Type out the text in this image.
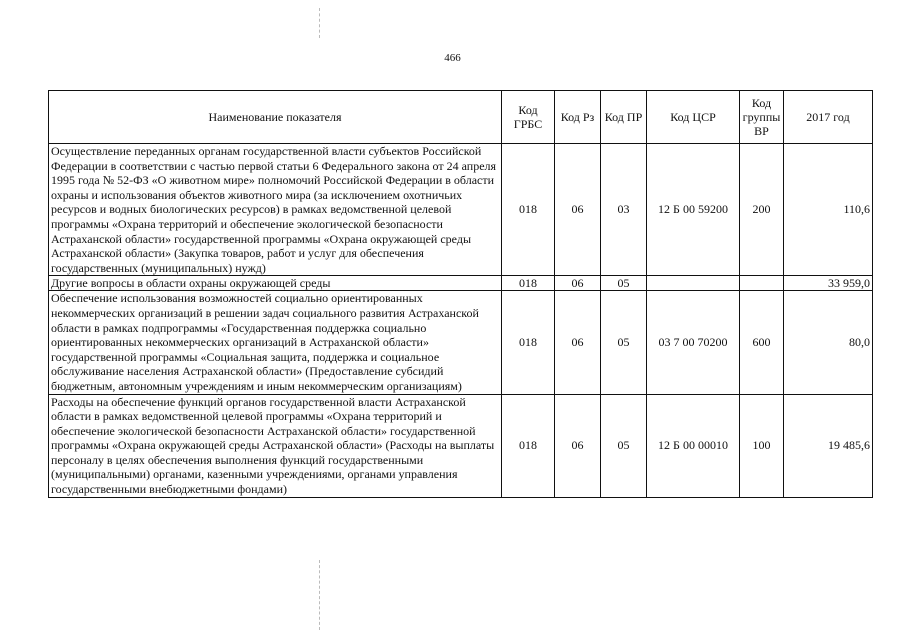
466
Наименование показателя	Код ГРБС	Код Рз	Код ПР	Код ЦСР	Код группы ВР	2017 год
Осуществление переданных органам государственной власти субъектов Российской Федерации в соответствии с частью первой статьи 6 Федерального закона от 24 апреля 1995 года № 52-ФЗ «О животном мире» полномочий Российской Федерации в области охраны и использования объектов животного мира (за исключением охотничьих ресурсов и водных биологических ресурсов) в рамках ведомственной целевой программы «Охрана территорий и обеспечение экологической безопасности Астраханской области» государственной программы «Охрана окружающей среды Астраханской области» (Закупка товаров, работ и услуг для обеспечения государственных (муниципальных) нужд)	018	06	03	12 Б 00 59200	200	110,6
Другие вопросы в области охраны окружающей среды	018	06	05			33 959,0
Обеспечение использования возможностей социально ориентированных некоммерческих организаций в решении задач социального развития Астраханской области в рамках подпрограммы «Государственная поддержка социально ориентированных некоммерческих организаций в Астраханской области» государственной программы «Социальная защита, поддержка и социальное обслуживание населения Астраханской области» (Предоставление субсидий бюджетным, автономным учреждениям и иным некоммерческим организациям)	018	06	05	03 7 00 70200	600	80,0
Расходы на обеспечение функций органов государственной власти Астраханской области в рамках ведомственной целевой программы «Охрана территорий и обеспечение экологической безопасности Астраханской области» государственной программы «Охрана окружающей среды Астраханской области» (Расходы на выплаты персоналу в целях обеспечения выполнения функций государственными (муниципальными) органами, казенными учреждениями, органами управления государственными внебюджетными фондами)	018	06	05	12 Б 00 00010	100	19 485,6
